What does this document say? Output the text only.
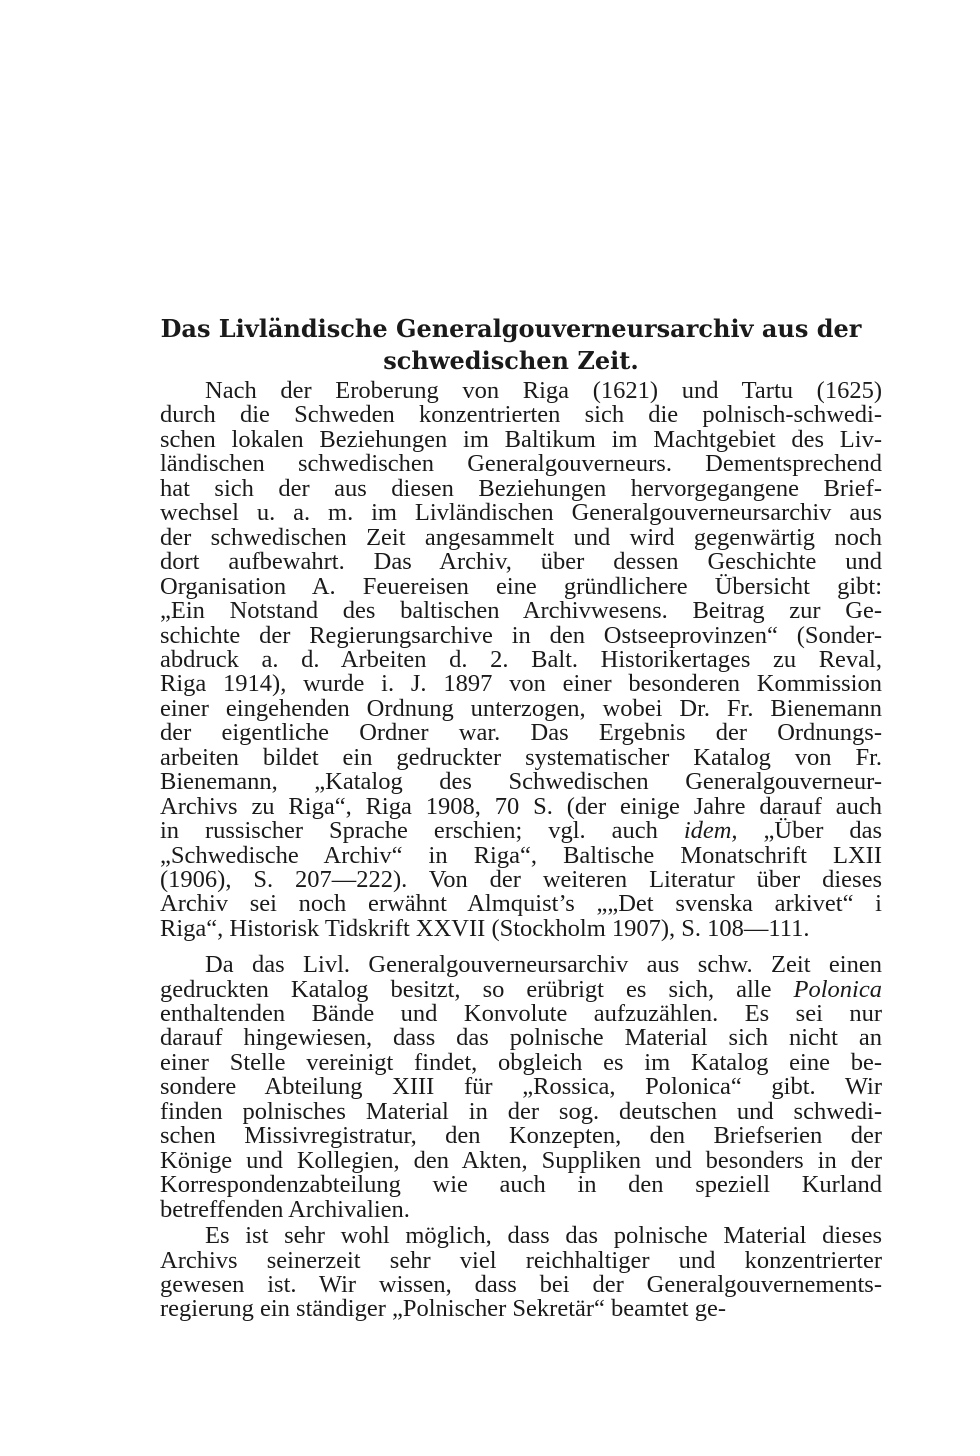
Das Livländische Generalgouverneursarchiv aus der
schwedischen Zeit.
Nach der Eroberung von Riga (1621) und Tartu (1625)
durch die Schweden konzentrierten sich die polnisch-schwedi-
schen lokalen Beziehungen im Baltikum im Machtgebiet des Liv-
ländischen schwedischen Generalgouverneurs. Dementsprechend
hat sich der aus diesen Beziehungen hervorgegangene Brief-
wechsel u. a. m. im Livländischen Generalgouverneursarchiv aus
der schwedischen Zeit angesammelt und wird gegenwärtig noch
dort aufbewahrt. Das Archiv, über dessen Geschichte und
Organisation A. Feuereisen eine gründlichere Übersicht gibt:
„Ein Notstand des baltischen Archivwesens. Beitrag zur Ge-
schichte der Regierungsarchive in den Ostseeprovinzen“ (Sonder-
abdruck a. d. Arbeiten d. 2. Balt. Historikertages zu Reval,
Riga 1914), wurde i. J. 1897 von einer besonderen Kommission
einer eingehenden Ordnung unterzogen, wobei Dr. Fr. Bienemann
der eigentliche Ordner war. Das Ergebnis der Ordnungs-
arbeiten bildet ein gedruckter systematischer Katalog von Fr.
Bienemann, „Katalog des Schwedischen Generalgouverneur-
Archivs zu Riga“, Riga 1908, 70 S. (der einige Jahre darauf auch
in russischer Sprache erschien; vgl. auch idem, „Über das
„Schwedische Archiv“ in Riga“, Baltische Monatschrift LXII
(1906), S. 207—222). Von der weiteren Literatur über dieses
Archiv sei noch erwähnt Almquist’s „„Det svenska arkivet“ i
Riga“, Historisk Tidskrift XXVII (Stockholm 1907), S. 108—111.
Da das Livl. Generalgouverneursarchiv aus schw. Zeit einen
gedruckten Katalog besitzt, so erübrigt es sich, alle Polonica
enthaltenden Bände und Konvolute aufzuzählen. Es sei nur
darauf hingewiesen, dass das polnische Material sich nicht an
einer Stelle vereinigt findet, obgleich es im Katalog eine be-
sondere Abteilung XIII für „Rossica, Polonica“ gibt. Wir
finden polnisches Material in der sog. deutschen und schwedi-
schen Missivregistratur, den Konzepten, den Briefserien der
Könige und Kollegien, den Akten, Suppliken und besonders in der
Korrespondenzabteilung wie auch in den speziell Kurland
betreffenden Archivalien.
Es ist sehr wohl möglich, dass das polnische Material dieses
Archivs seinerzeit sehr viel reichhaltiger und konzentrierter
gewesen ist. Wir wissen, dass bei der Generalgouvernements-
regierung ein ständiger „Polnischer Sekretär“ beamtet ge-
